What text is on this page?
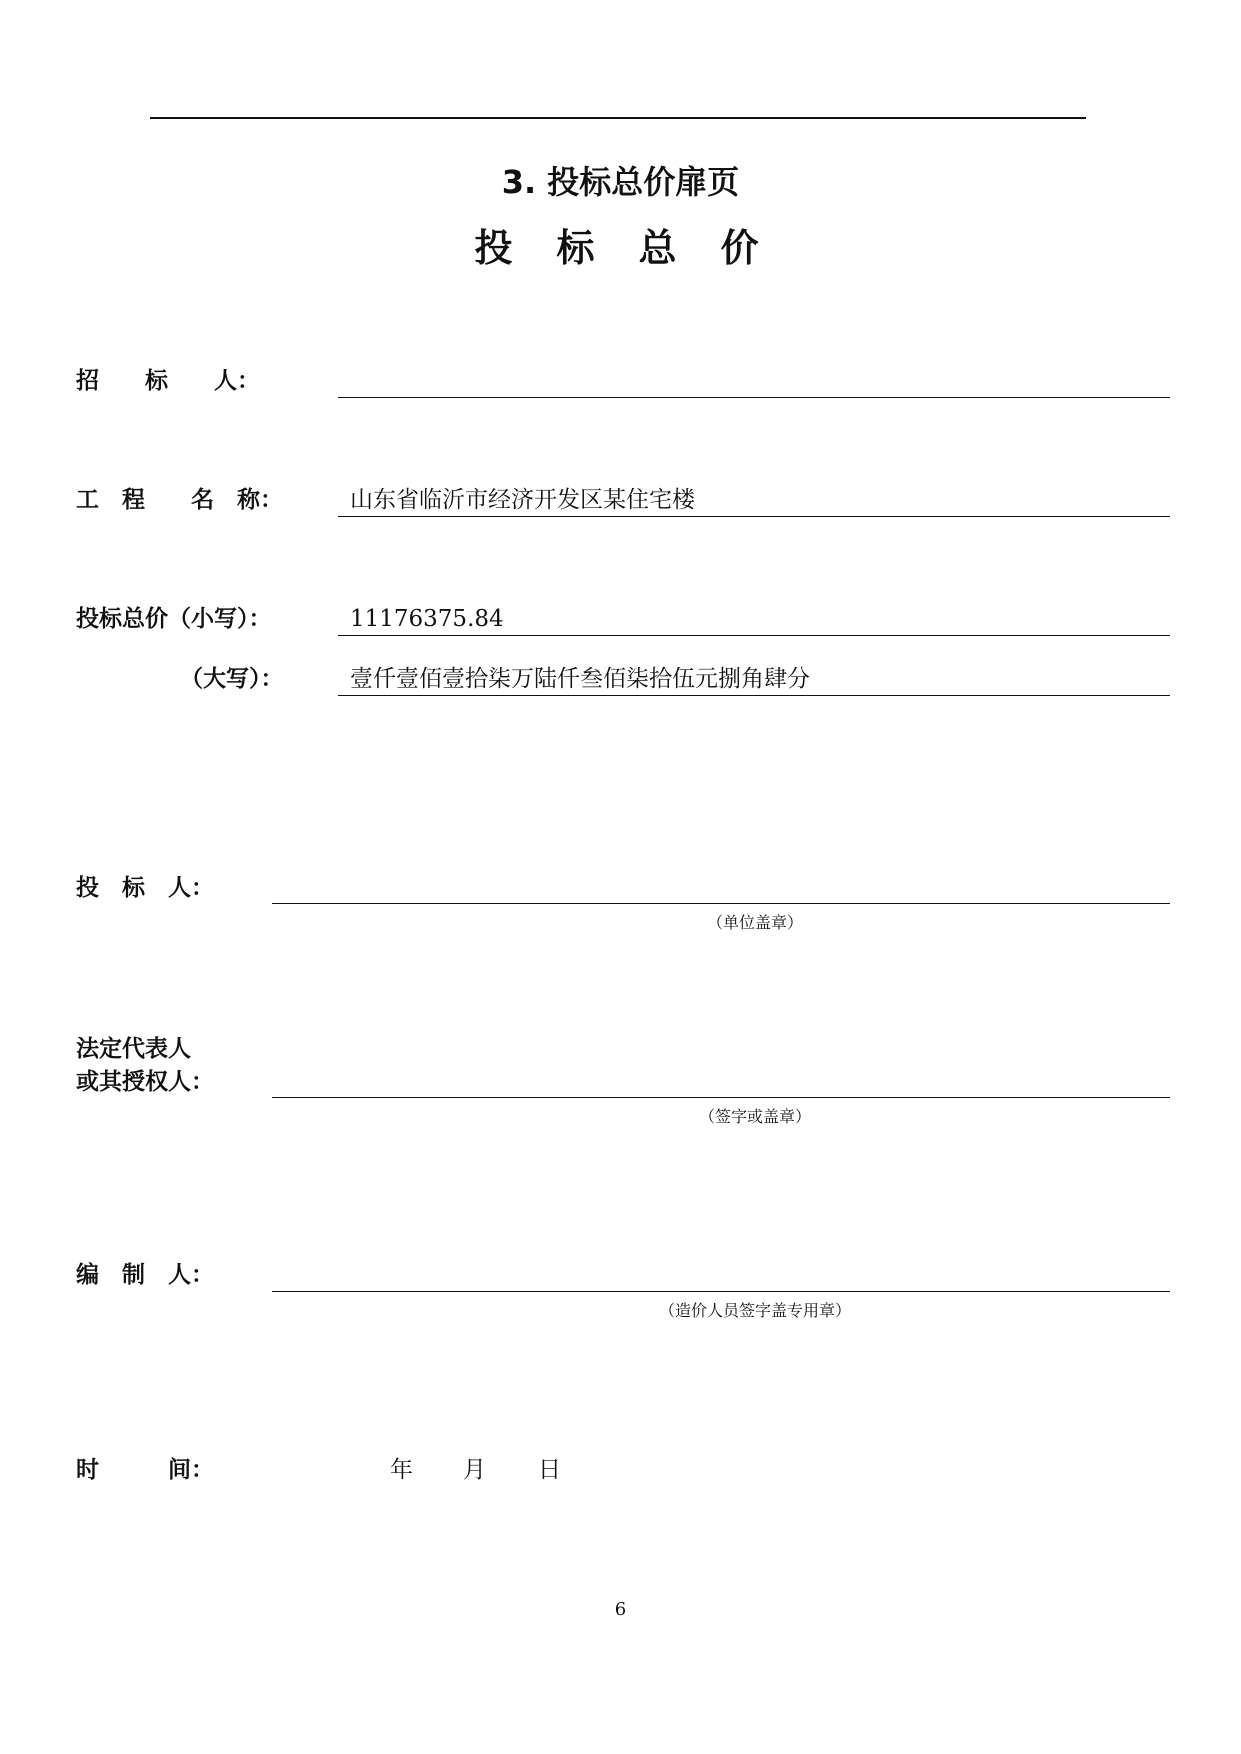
3. 投标总价扉页
投 标 总 价
招　　标　　人：
工　程　　名　称：	山东省临沂市经济开发区某住宅楼
投标总价（小写）：	11176375.84
（大写）：	壹仟壹佰壹拾柒万陆仟叁佰柒拾伍元捌角肆分
投　标　人：
（单位盖章）
法定代表人
或其授权人：
（签字或盖章）
编　制　人：
（造价人员签字盖专用章）
时　　　间：	年 月 日
6
